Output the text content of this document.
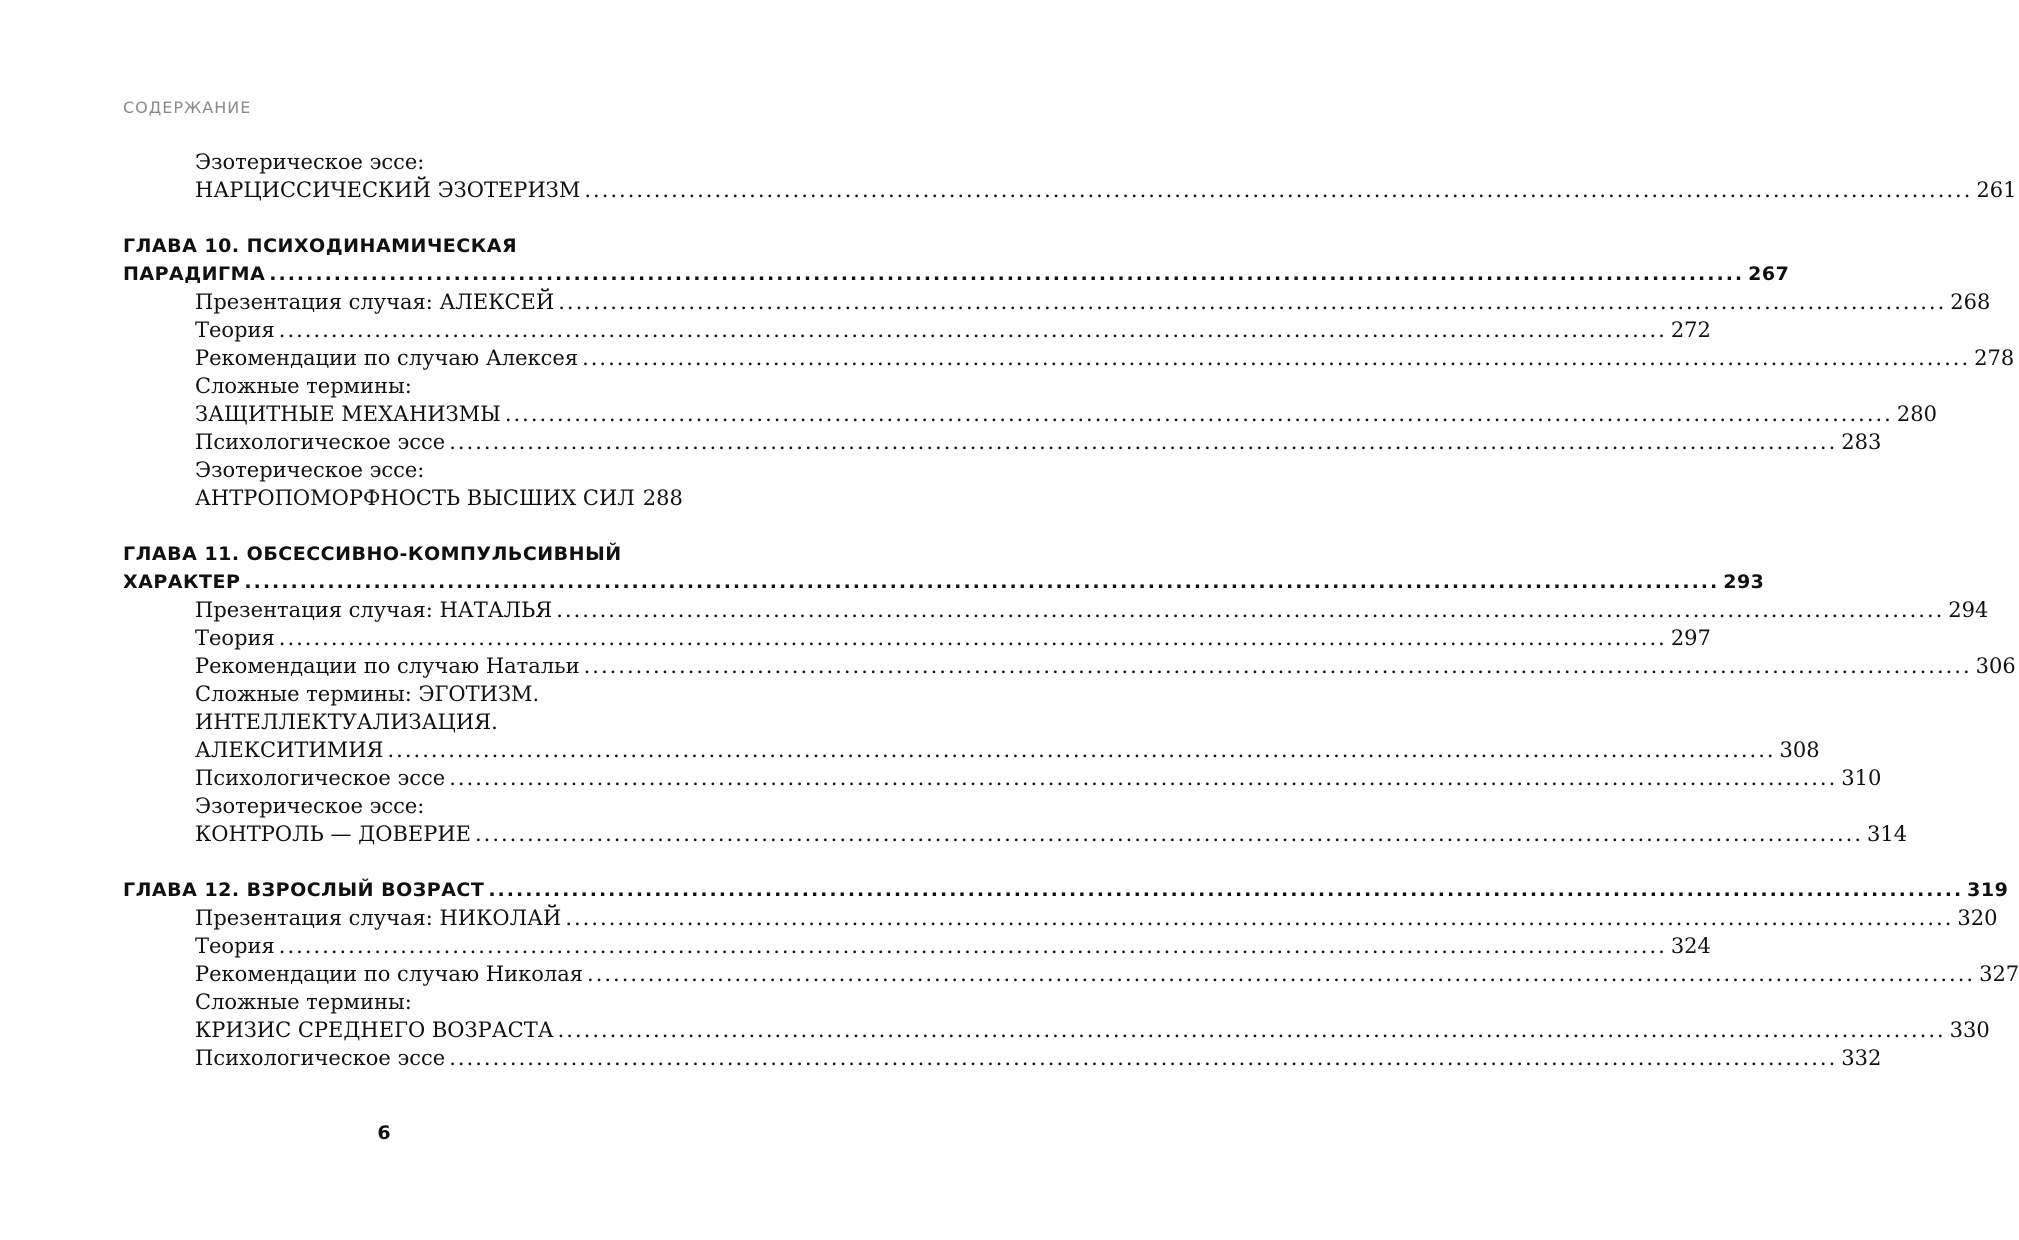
СОДЕРЖАНИЕ
Эзотерическое эссе:
НАРЦИССИЧЕСКИЙ ЭЗОТЕРИЗМ .....	261
ГЛАВА 10. ПСИХОДИНАМИЧЕСКАЯ
ПАРАДИГМА .....	267
Презентация случая: АЛЕКСЕЙ .....	268
Теория .....	272
Рекомендации по случаю Алексея .....	278
Сложные термины:
ЗАЩИТНЫЕ МЕХАНИЗМЫ .....	280
Психологическое эссе .....	283
Эзотерическое эссе:
АНТРОПОМОРФНОСТЬ ВЫСШИХ СИЛ 288
ГЛАВА 11. ОБСЕССИВНО-КОМПУЛЬСИВНЫЙ
ХАРАКТЕР .....	293
Презентация случая: НАТАЛЬЯ .....	294
Теория .....	297
Рекомендации по случаю Натальи .....	306
Сложные термины: ЭГОТИЗМ.
ИНТЕЛЛЕКТУАЛИЗАЦИЯ.
АЛЕКСИТИМИЯ .....	308
Психологическое эссе .....	310
Эзотерическое эссе:
КОНТРОЛЬ — ДОВЕРИЕ .....	314
ГЛАВА 12. ВЗРОСЛЫЙ ВОЗРАСТ .....	319
Презентация случая: НИКОЛАЙ .....	320
Теория .....	324
Рекомендации по случаю Николая .....	327
Сложные термины:
КРИЗИС СРЕДНЕГО ВОЗРАСТА .....	330
Психологическое эссе .....	332
6
